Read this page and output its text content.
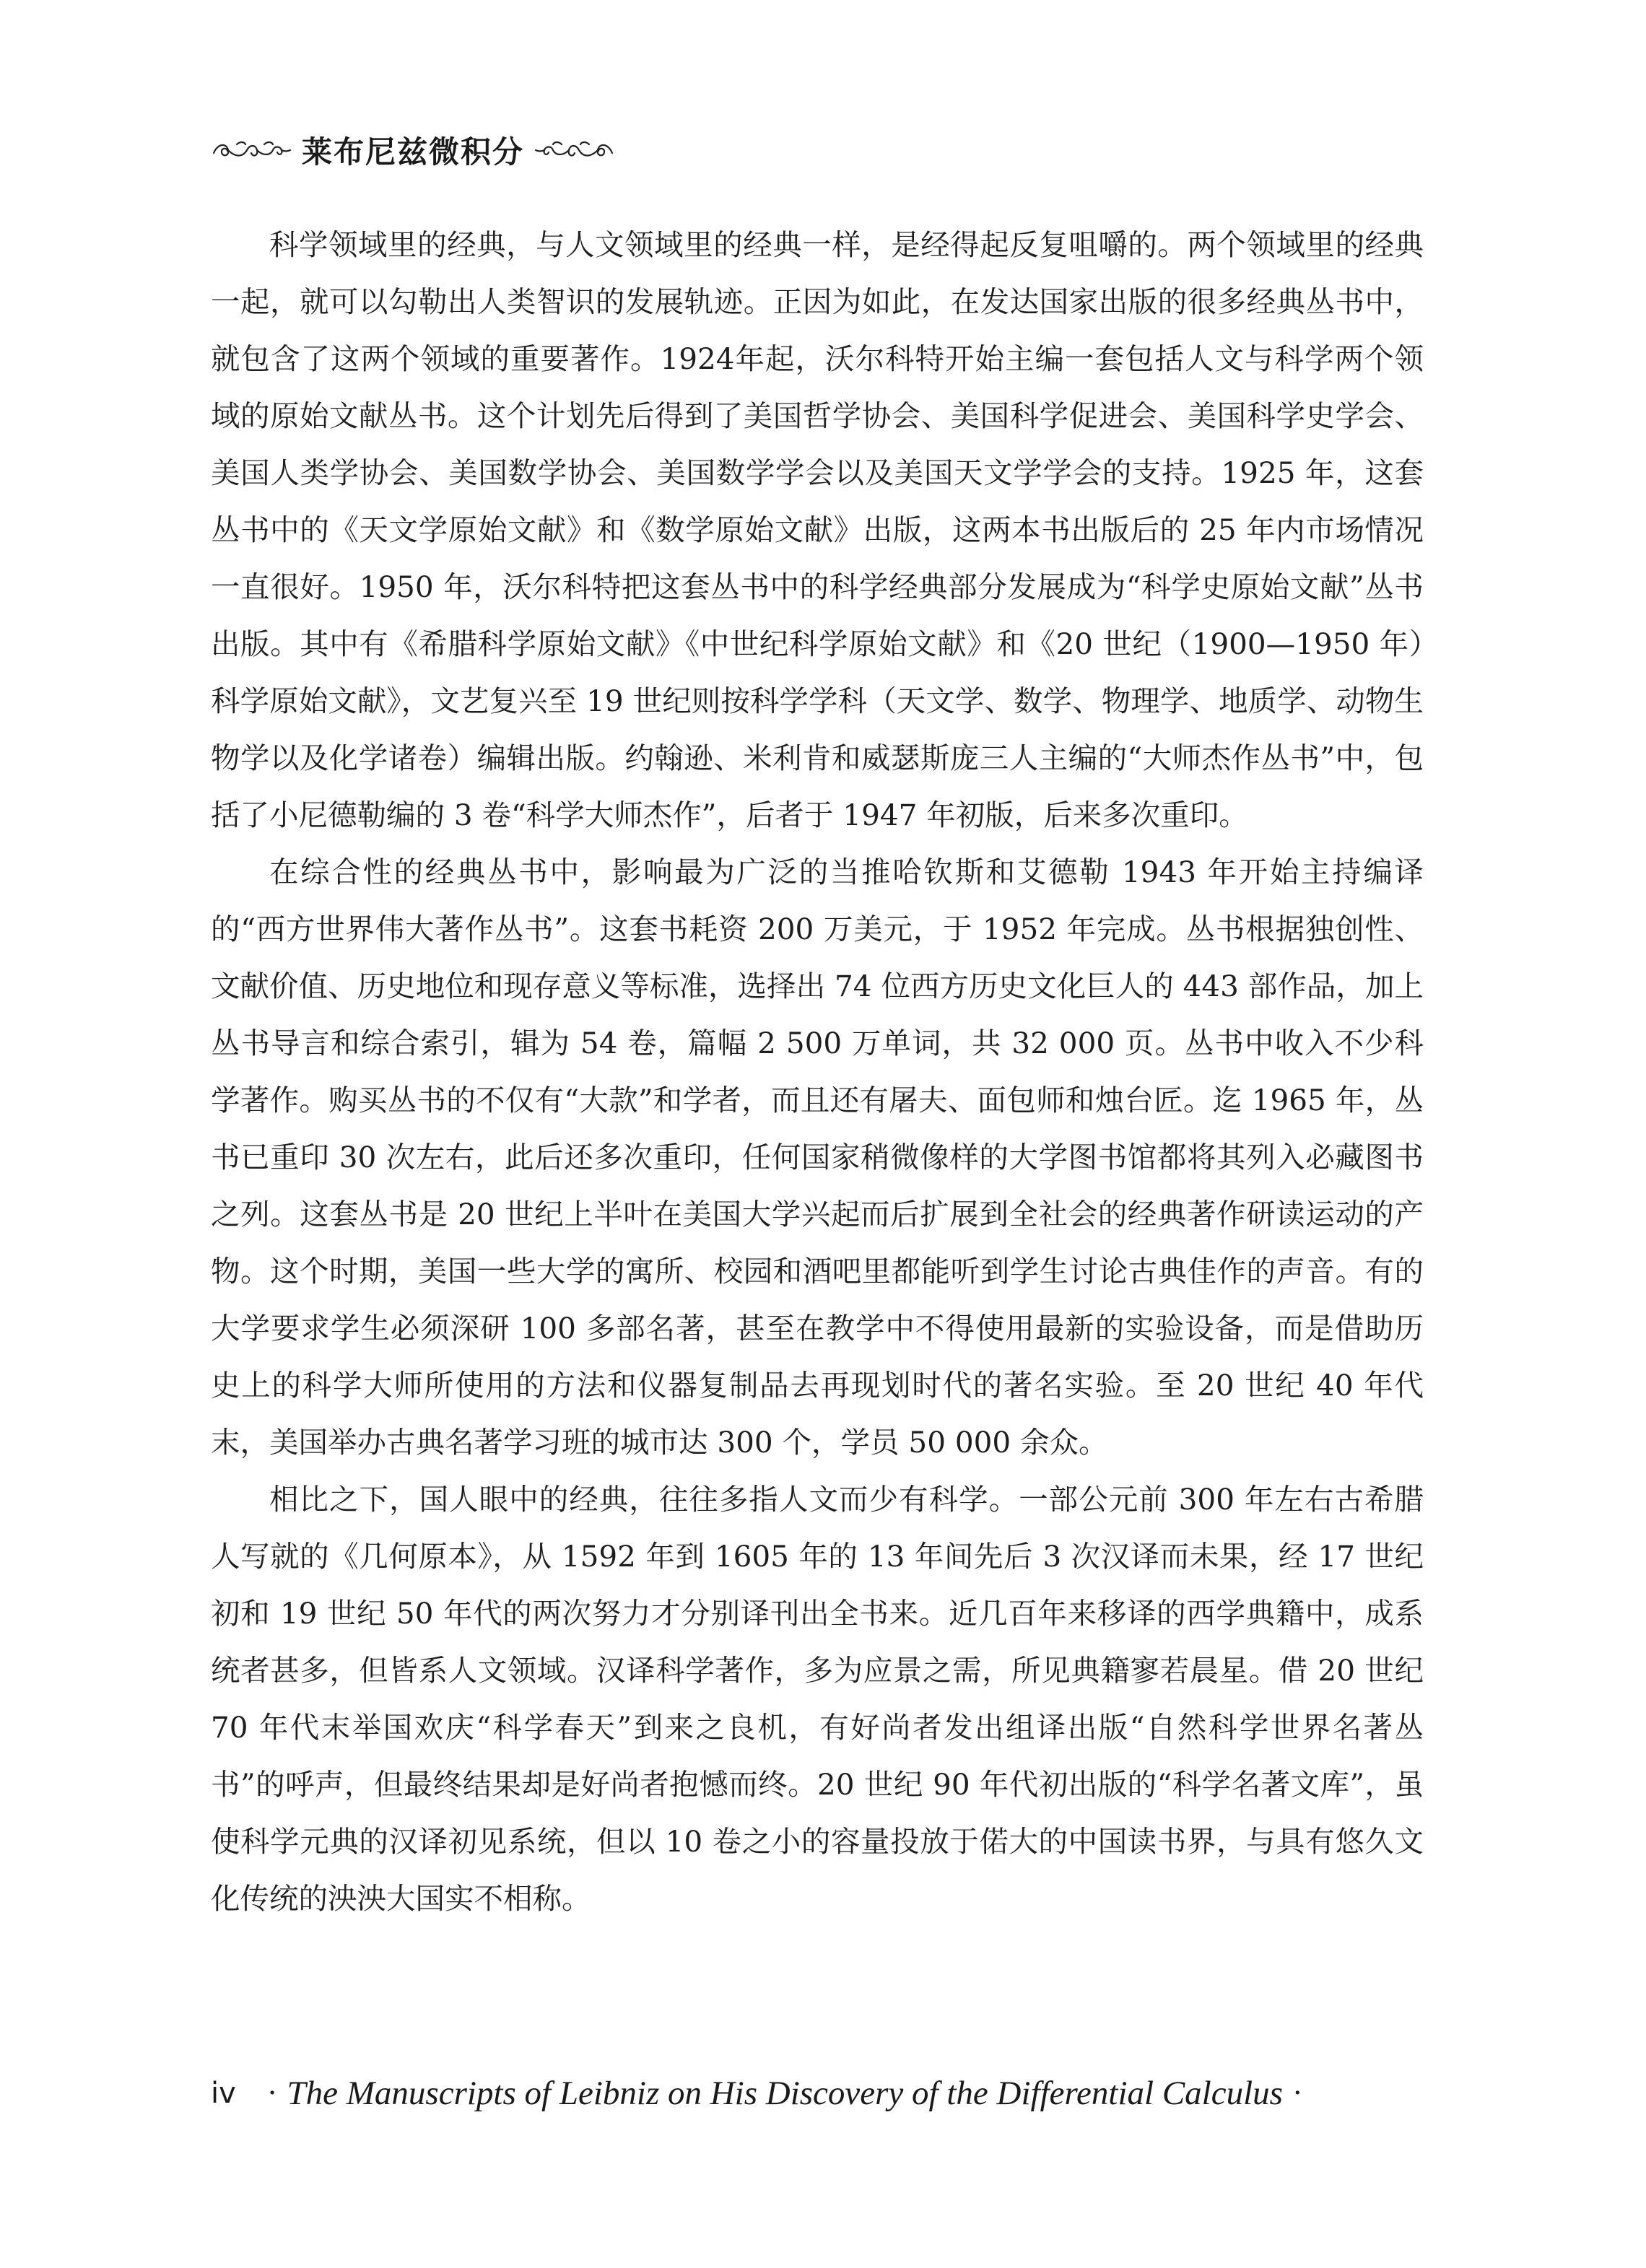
莱布尼兹微积分

科学领域里的经典，与人文领域里的经典一样，是经得起反复咀嚼的。两个领域里的经典一起，就可以勾勒出人类智识的发展轨迹。正因为如此，在发达国家出版的很多经典丛书中，就包含了这两个领域的重要著作。1924年起，沃尔科特开始主编一套包括人文与科学两个领域的原始文献丛书。这个计划先后得到了美国哲学协会、美国科学促进会、美国科学史学会、美国人类学协会、美国数学协会、美国数学学会以及美国天文学学会的支持。1925 年，这套丛书中的《天文学原始文献》和《数学原始文献》出版，这两本书出版后的 25 年内市场情况一直很好。1950 年，沃尔科特把这套丛书中的科学经典部分发展成为“科学史原始文献”丛书出版。其中有《希腊科学原始文献》《中世纪科学原始文献》和《20 世纪（1900—1950 年）科学原始文献》，文艺复兴至 19 世纪则按科学学科（天文学、数学、物理学、地质学、动物生物学以及化学诸卷）编辑出版。约翰逊、米利肯和威瑟斯庞三人主编的“大师杰作丛书”中，包括了小尼德勒编的 3 卷“科学大师杰作”，后者于 1947 年初版，后来多次重印。

在综合性的经典丛书中，影响最为广泛的当推哈钦斯和艾德勒 1943 年开始主持编译的“西方世界伟大著作丛书”。这套书耗资 200 万美元，于 1952 年完成。丛书根据独创性、文献价值、历史地位和现存意义等标准，选择出 74 位西方历史文化巨人的 443 部作品，加上丛书导言和综合索引，辑为 54 卷，篇幅 2 500 万单词，共 32 000 页。丛书中收入不少科学著作。购买丛书的不仅有“大款”和学者，而且还有屠夫、面包师和烛台匠。迄 1965 年，丛书已重印 30 次左右，此后还多次重印，任何国家稍微像样的大学图书馆都将其列入必藏图书之列。这套丛书是 20 世纪上半叶在美国大学兴起而后扩展到全社会的经典著作研读运动的产物。这个时期，美国一些大学的寓所、校园和酒吧里都能听到学生讨论古典佳作的声音。有的大学要求学生必须深研 100 多部名著，甚至在教学中不得使用最新的实验设备，而是借助历史上的科学大师所使用的方法和仪器复制品去再现划时代的著名实验。至 20 世纪 40 年代末，美国举办古典名著学习班的城市达 300 个，学员 50 000 余众。

相比之下，国人眼中的经典，往往多指人文而少有科学。一部公元前 300 年左右古希腊人写就的《几何原本》，从 1592 年到 1605 年的 13 年间先后 3 次汉译而未果，经 17 世纪初和 19 世纪 50 年代的两次努力才分别译刊出全书来。近几百年来移译的西学典籍中，成系统者甚多，但皆系人文领域。汉译科学著作，多为应景之需，所见典籍寥若晨星。借 20 世纪 70 年代末举国欢庆“科学春天”到来之良机，有好尚者发出组译出版“自然科学世界名著丛书”的呼声，但最终结果却是好尚者抱憾而终。20 世纪 90 年代初出版的“科学名著文库”，虽使科学元典的汉译初见系统，但以 10 卷之小的容量投放于偌大的中国读书界，与具有悠久文化传统的泱泱大国实不相称。

iv · The Manuscripts of Leibniz on His Discovery of the Differential Calculus ·
